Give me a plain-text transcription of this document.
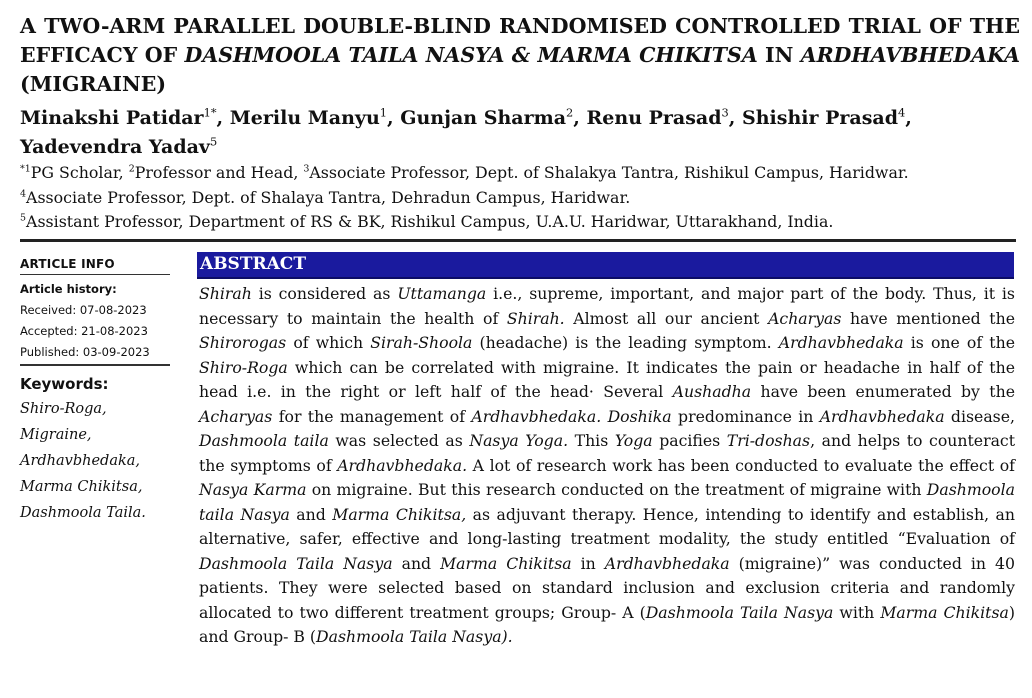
A TWO-ARM PARALLEL DOUBLE-BLIND RANDOMISED CONTROLLED TRIAL OF THE EFFICACY OF DASHMOOLA TAILA NASYA & MARMA CHIKITSA IN ARDHAVBHEDAKA (MIGRAINE)

Minakshi Patidar$^{1*}$, Merilu Manyu$^1$, Gunjan Sharma$^2$, Renu Prasad$^3$, Shishir Prasad$^4$, Yadevendra Yadav$^5$

$^{*1}$PG Scholar, $^2$Professor and Head, $^3$Associate Professor, Dept. of Shalakya Tantra, Rishikul Campus, Haridwar.
$^4$Associate Professor, Dept. of Shalaya Tantra, Dehradun Campus, Haridwar.
$^5$Assistant Professor, Department of RS & BK, Rishikul Campus, U.A.U. Haridwar, Uttarakhand, India.
ARTICLE INFO
Article history:
Received: 07-08-2023
Accepted: 21-08-2023
Published: 03-09-2023
Keywords:
Shiro-Roga,
Migraine,
Ardhavbhedaka,
Marma Chikitsa,
Dashmoola Taila.
ABSTRACT

Shirah is considered as Uttamanga i.e., supreme, important, and major part of the body. Thus, it is necessary to maintain the health of Shirah. Almost all our ancient Acharyas have mentioned the Shirorogas of which Sirah-Shoola (headache) is the leading symptom. Ardhavbhedaka is one of the Shiro-Roga which can be correlated with migraine. It indicates the pain or headache in half of the head i.e. in the right or left half of the head· Several Aushadha have been enumerated by the Acharyas for the management of Ardhavbhedaka. Doshika predominance in Ardhavbhedaka disease, Dashmoola taila was selected as Nasya Yoga. This Yoga pacifies Tri-doshas, and helps to counteract the symptoms of Ardhavbhedaka. A lot of research work has been conducted to evaluate the effect of Nasya Karma on migraine. But this research conducted on the treatment of migraine with Dashmoola taila Nasya and Marma Chikitsa, as adjuvant therapy. Hence, intending to identify and establish, an alternative, safer, effective and long-lasting treatment modality, the study entitled “Evaluation of Dashmoola Taila Nasya and Marma Chikitsa in Ardhavbhedaka (migraine)” was conducted in 40 patients. They were selected based on standard inclusion and exclusion criteria and randomly allocated to two different treatment groups; Group- A (Dashmoola Taila Nasya with Marma Chikitsa) and Group- B (Dashmoola Taila Nasya).
